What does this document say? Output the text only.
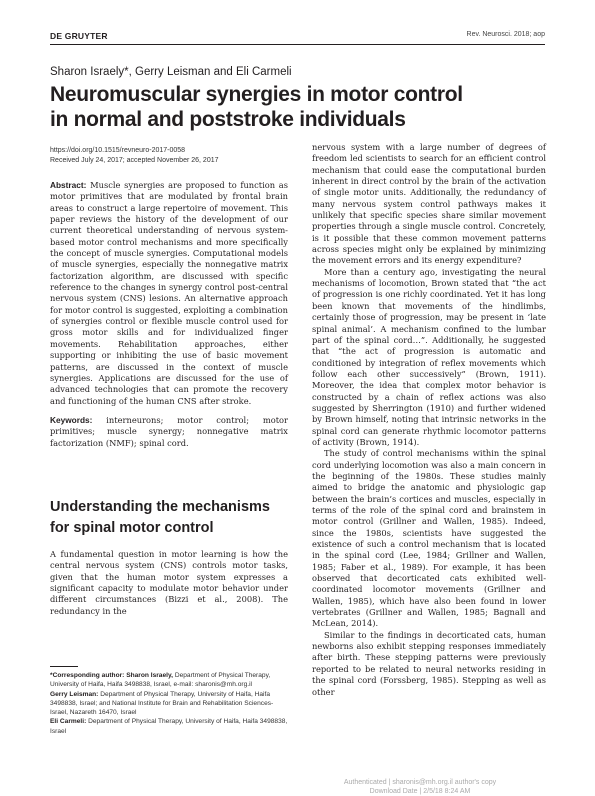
DE GRUYTER	Rev. Neurosci. 2018; aop
Sharon Israely*, Gerry Leisman and Eli Carmeli
Neuromuscular synergies in motor control
in normal and poststroke individuals
https://doi.org/10.1515/revneuro-2017-0058
Received July 24, 2017; accepted November 26, 2017

Abstract: Muscle synergies are proposed to function as motor primitives that are modulated by frontal brain areas to construct a large repertoire of movement. This paper reviews the history of the development of our current theoretical understanding of nervous system-based motor control mechanisms and more specifically the concept of muscle synergies. Computational models of muscle synergies, especially the nonnegative matrix factorization algorithm, are discussed with specific reference to the changes in synergy control post-central nervous system (CNS) lesions. An alternative approach for motor control is suggested, exploiting a combination of synergies control or flexible muscle control used for gross motor skills and for individualized finger movements. Rehabilitation approaches, either supporting or inhibiting the use of basic movement patterns, are discussed in the context of muscle synergies. Applications are discussed for the use of advanced technologies that can promote the recovery and functioning of the human CNS after stroke.

Keywords: interneurons; motor control; motor primitives; muscle synergy; nonnegative matrix factorization (NMF); spinal cord.

Understanding the mechanisms
for spinal motor control

A fundamental question in motor learning is how the central nervous system (CNS) controls motor tasks, given that the human motor system expresses a significant capacity to modulate motor behavior under different circumstances (Bizzi et al., 2008). The redundancy in the

*Corresponding author: Sharon Israely, Department of Physical Therapy, University of Haifa, Haifa 3498838, Israel, e-mail: sharonis@mh.org.il

Gerry Leisman: Department of Physical Therapy, University of Haifa, Haifa 3498838, Israel; and National Institute for Brain and Rehabilitation Sciences-Israel, Nazareth 16470, Israel

Eli Carmeli: Department of Physical Therapy, University of Haifa, Haifa 3498838, Israel

nervous system with a large number of degrees of freedom led scientists to search for an efficient control mechanism that could ease the computational burden inherent in direct control by the brain of the activation of single motor units. Additionally, the redundancy of many nervous system control pathways makes it unlikely that specific species share similar movement properties through a single muscle control. Concretely, is it possible that these common movement patterns across species might only be explained by minimizing the movement errors and its energy expenditure?

More than a century ago, investigating the neural mechanisms of locomotion, Brown stated that “the act of progression is one richly coordinated. Yet it has long been known that movements of the hindlimbs, certainly those of progression, may be present in ‘late spinal animal’. A mechanism confined to the lumbar part of the spinal cord…”. Additionally, he suggested that “the act of progression is automatic and conditioned by integration of reflex movements which follow each other successively” (Brown, 1911). Moreover, the idea that complex motor behavior is constructed by a chain of reflex actions was also suggested by Sherrington (1910) and further widened by Brown himself, noting that intrinsic networks in the spinal cord can generate rhythmic locomotor patterns of activity (Brown, 1914).

The study of control mechanisms within the spinal cord underlying locomotion was also a main concern in the beginning of the 1980s. These studies mainly aimed to bridge the anatomic and physiologic gap between the brain’s cortices and muscles, especially in terms of the role of the spinal cord and brainstem in motor control (Grillner and Wallen, 1985). Indeed, since the 1980s, scientists have suggested the existence of such a control mechanism that is located in the spinal cord (Lee, 1984; Grillner and Wallen, 1985; Faber et al., 1989). For example, it has been observed that decorticated cats exhibited well-coordinated locomotor movements (Grillner and Wallen, 1985), which have also been found in lower vertebrates (Grillner and Wallen, 1985; Bagnall and McLean, 2014).

Similar to the findings in decorticated cats, human newborns also exhibit stepping responses immediately after birth. These stepping patterns were previously reported to be related to neural networks residing in the spinal cord (Forssberg, 1985). Stepping as well as other

Authenticated | sharonis@mh.org.il author's copy
Download Date | 2/5/18 8:24 AM
